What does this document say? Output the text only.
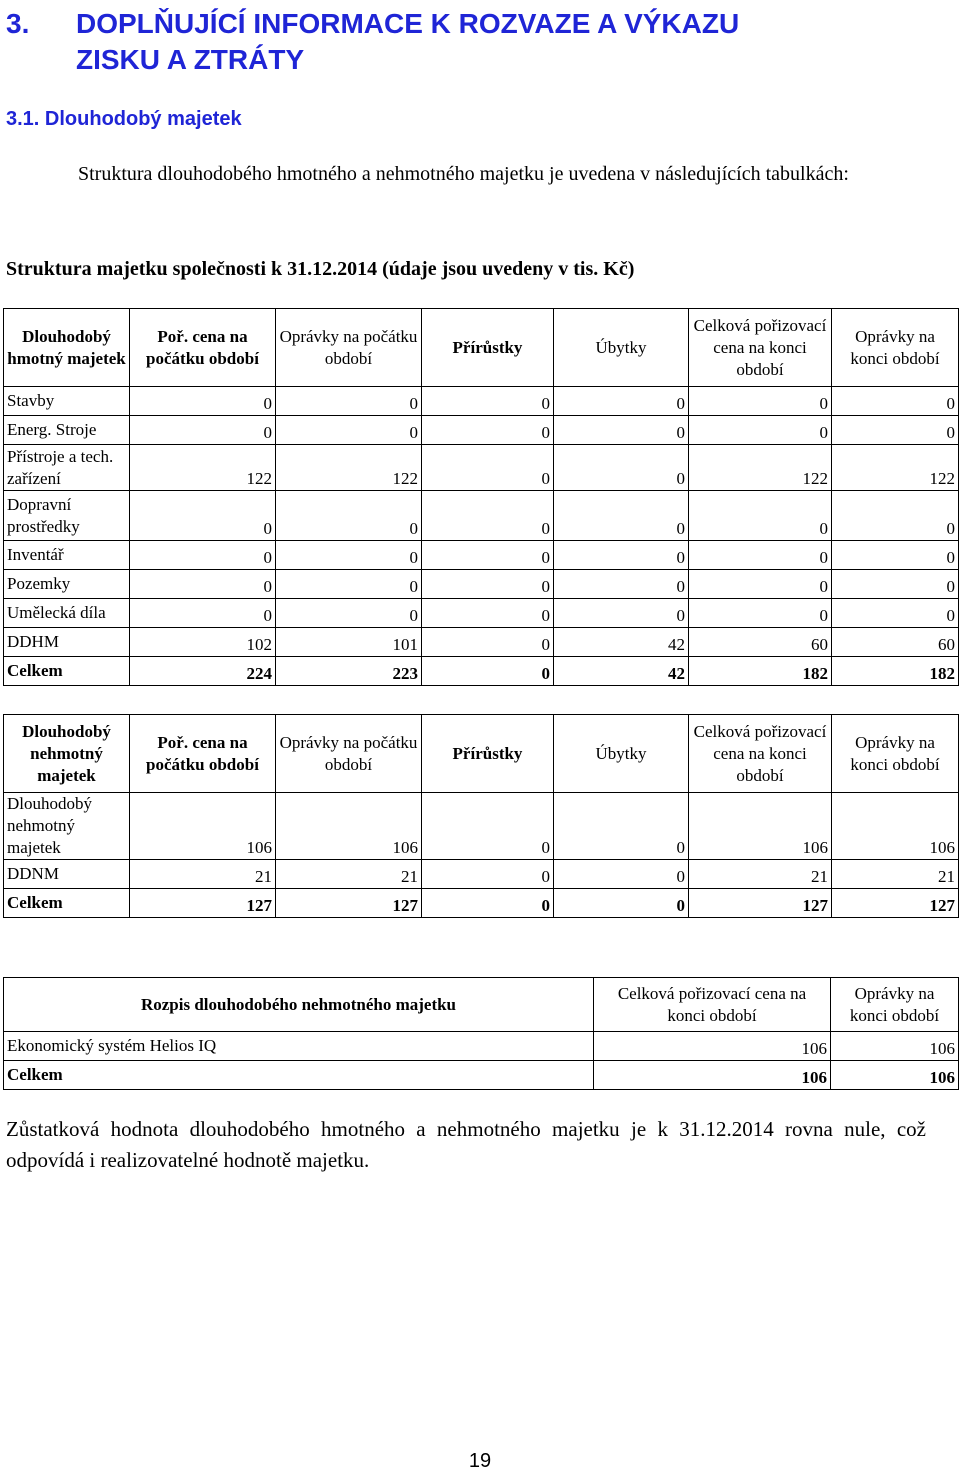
3. DOPLŇUJÍCÍ INFORMACE K ROZVAZE A VÝKAZU
ZISKU A ZTRÁTY
3.1. Dlouhodobý majetek
Struktura dlouhodobého hmotného a nehmotného majetku je uvedena v následujících tabulkách:
Struktura majetku společnosti k 31.12.2014 (údaje jsou uvedeny v tis. Kč)
Dlouhodobý hmotný majetek	Poř. cena na počátku období	Oprávky na počátku období	Přírůstky	Úbytky	Celková pořizovací cena na konci období	Oprávky na konci období
Stavby	0	0	0	0	0	0
Energ. Stroje	0	0	0	0	0	0
Přístroje a tech. zařízení	122	122	0	0	122	122
Dopravní prostředky	0	0	0	0	0	0
Inventář	0	0	0	0	0	0
Pozemky	0	0	0	0	0	0
Umělecká díla	0	0	0	0	0	0
DDHM	102	101	0	42	60	60
Celkem	224	223	0	42	182	182
Dlouhodobý nehmotný majetek	Poř. cena na počátku období	Oprávky na počátku období	Přírůstky	Úbytky	Celková pořizovací cena na konci období	Oprávky na konci období
Dlouhodobý nehmotný majetek	106	106	0	0	106	106
DDNM	21	21	0	0	21	21
Celkem	127	127	0	0	127	127
Rozpis dlouhodobého nehmotného majetku	Celková pořizovací cena na konci období	Oprávky na konci období
Ekonomický systém Helios IQ	106	106
Celkem	106	106
Zůstatková hodnota dlouhodobého hmotného a nehmotného majetku je k 31.12.2014 rovna nule, což odpovídá i realizovatelné hodnotě majetku.
19
